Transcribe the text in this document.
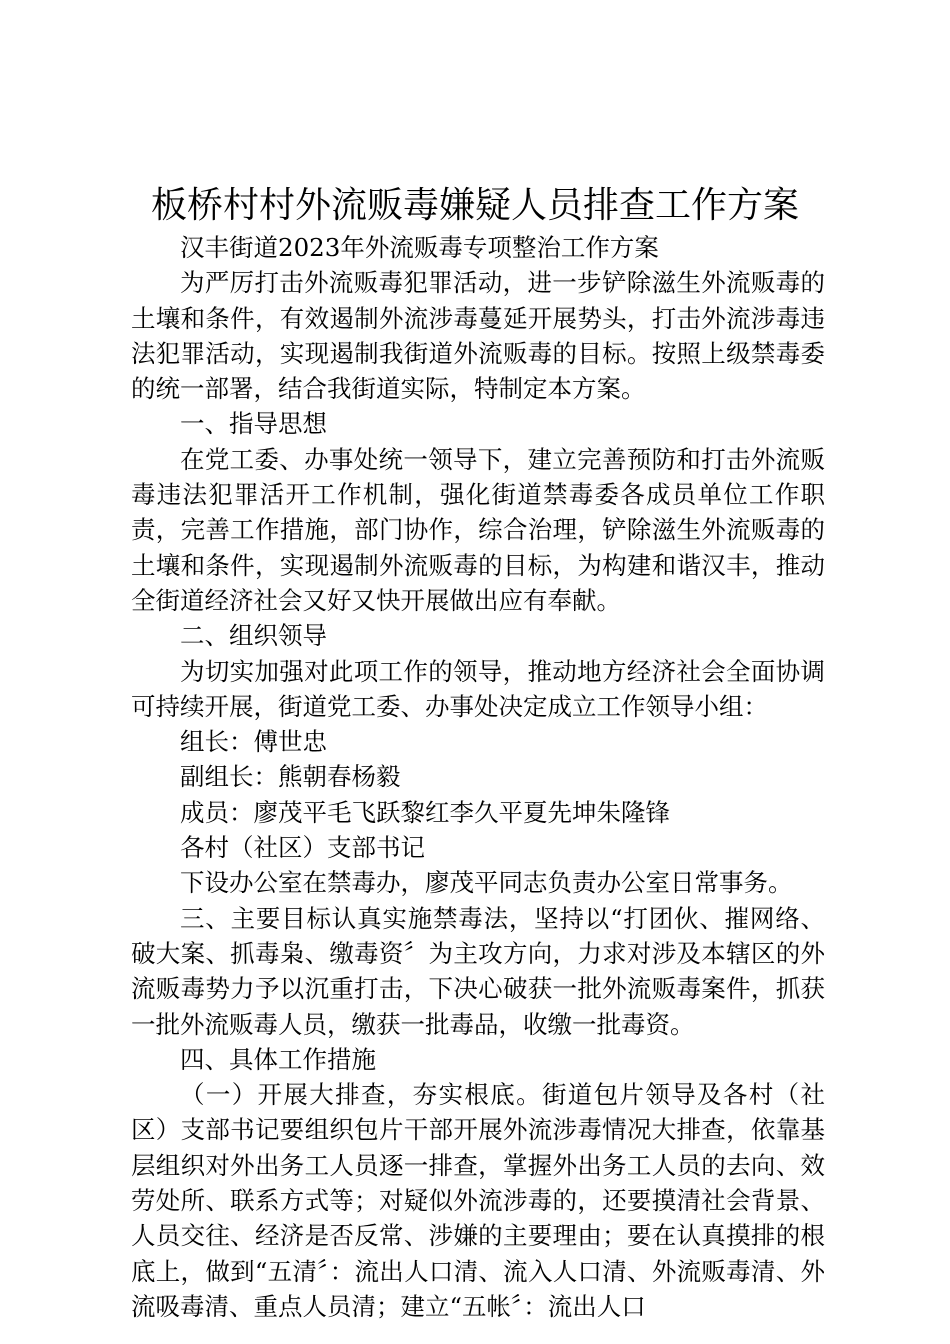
板桥村村外流贩毒嫌疑人员排查工作方案

汉丰街道2023年外流贩毒专项整治工作方案

为严厉打击外流贩毒犯罪活动，进一步铲除滋生外流贩毒的土壤和条件，有效遏制外流涉毒蔓延开展势头，打击外流涉毒违法犯罪活动，实现遏制我街道外流贩毒的目标。按照上级禁毒委的统一部署，结合我街道实际，特制定本方案。

一、指导思想

在党工委、办事处统一领导下，建立完善预防和打击外流贩毒违法犯罪活开工作机制，强化街道禁毒委各成员单位工作职责，完善工作措施，部门协作，综合治理，铲除滋生外流贩毒的土壤和条件，实现遏制外流贩毒的目标，为构建和谐汉丰，推动全街道经济社会又好又快开展做出应有奉献。

二、组织领导

为切实加强对此项工作的领导，推动地方经济社会全面协调可持续开展，街道党工委、办事处决定成立工作领导小组：

组长：傅世忠

副组长：熊朝春杨毅

成员：廖茂平毛飞跃黎红李久平夏先坤朱隆锋

各村（社区）支部书记

下设办公室在禁毒办，廖茂平同志负责办公室日常事务。

三、主要目标认真实施禁毒法，坚持以“打团伙、摧网络、破大案、抓毒枭、缴毒资〞为主攻方向，力求对涉及本辖区的外流贩毒势力予以沉重打击，下决心破获一批外流贩毒案件，抓获一批外流贩毒人员，缴获一批毒品，收缴一批毒资。

四、具体工作措施

（一）开展大排查，夯实根底。街道包片领导及各村（社区）支部书记要组织包片干部开展外流涉毒情况大排查，依靠基层组织对外出务工人员逐一排查，掌握外出务工人员的去向、效劳处所、联系方式等；对疑似外流涉毒的，还要摸清社会背景、人员交往、经济是否反常、涉嫌的主要理由；要在认真摸排的根底上，做到“五清〞：流出人口清、流入人口清、外流贩毒清、外流吸毒清、重点人员清；建立“五帐〞：流出人口
